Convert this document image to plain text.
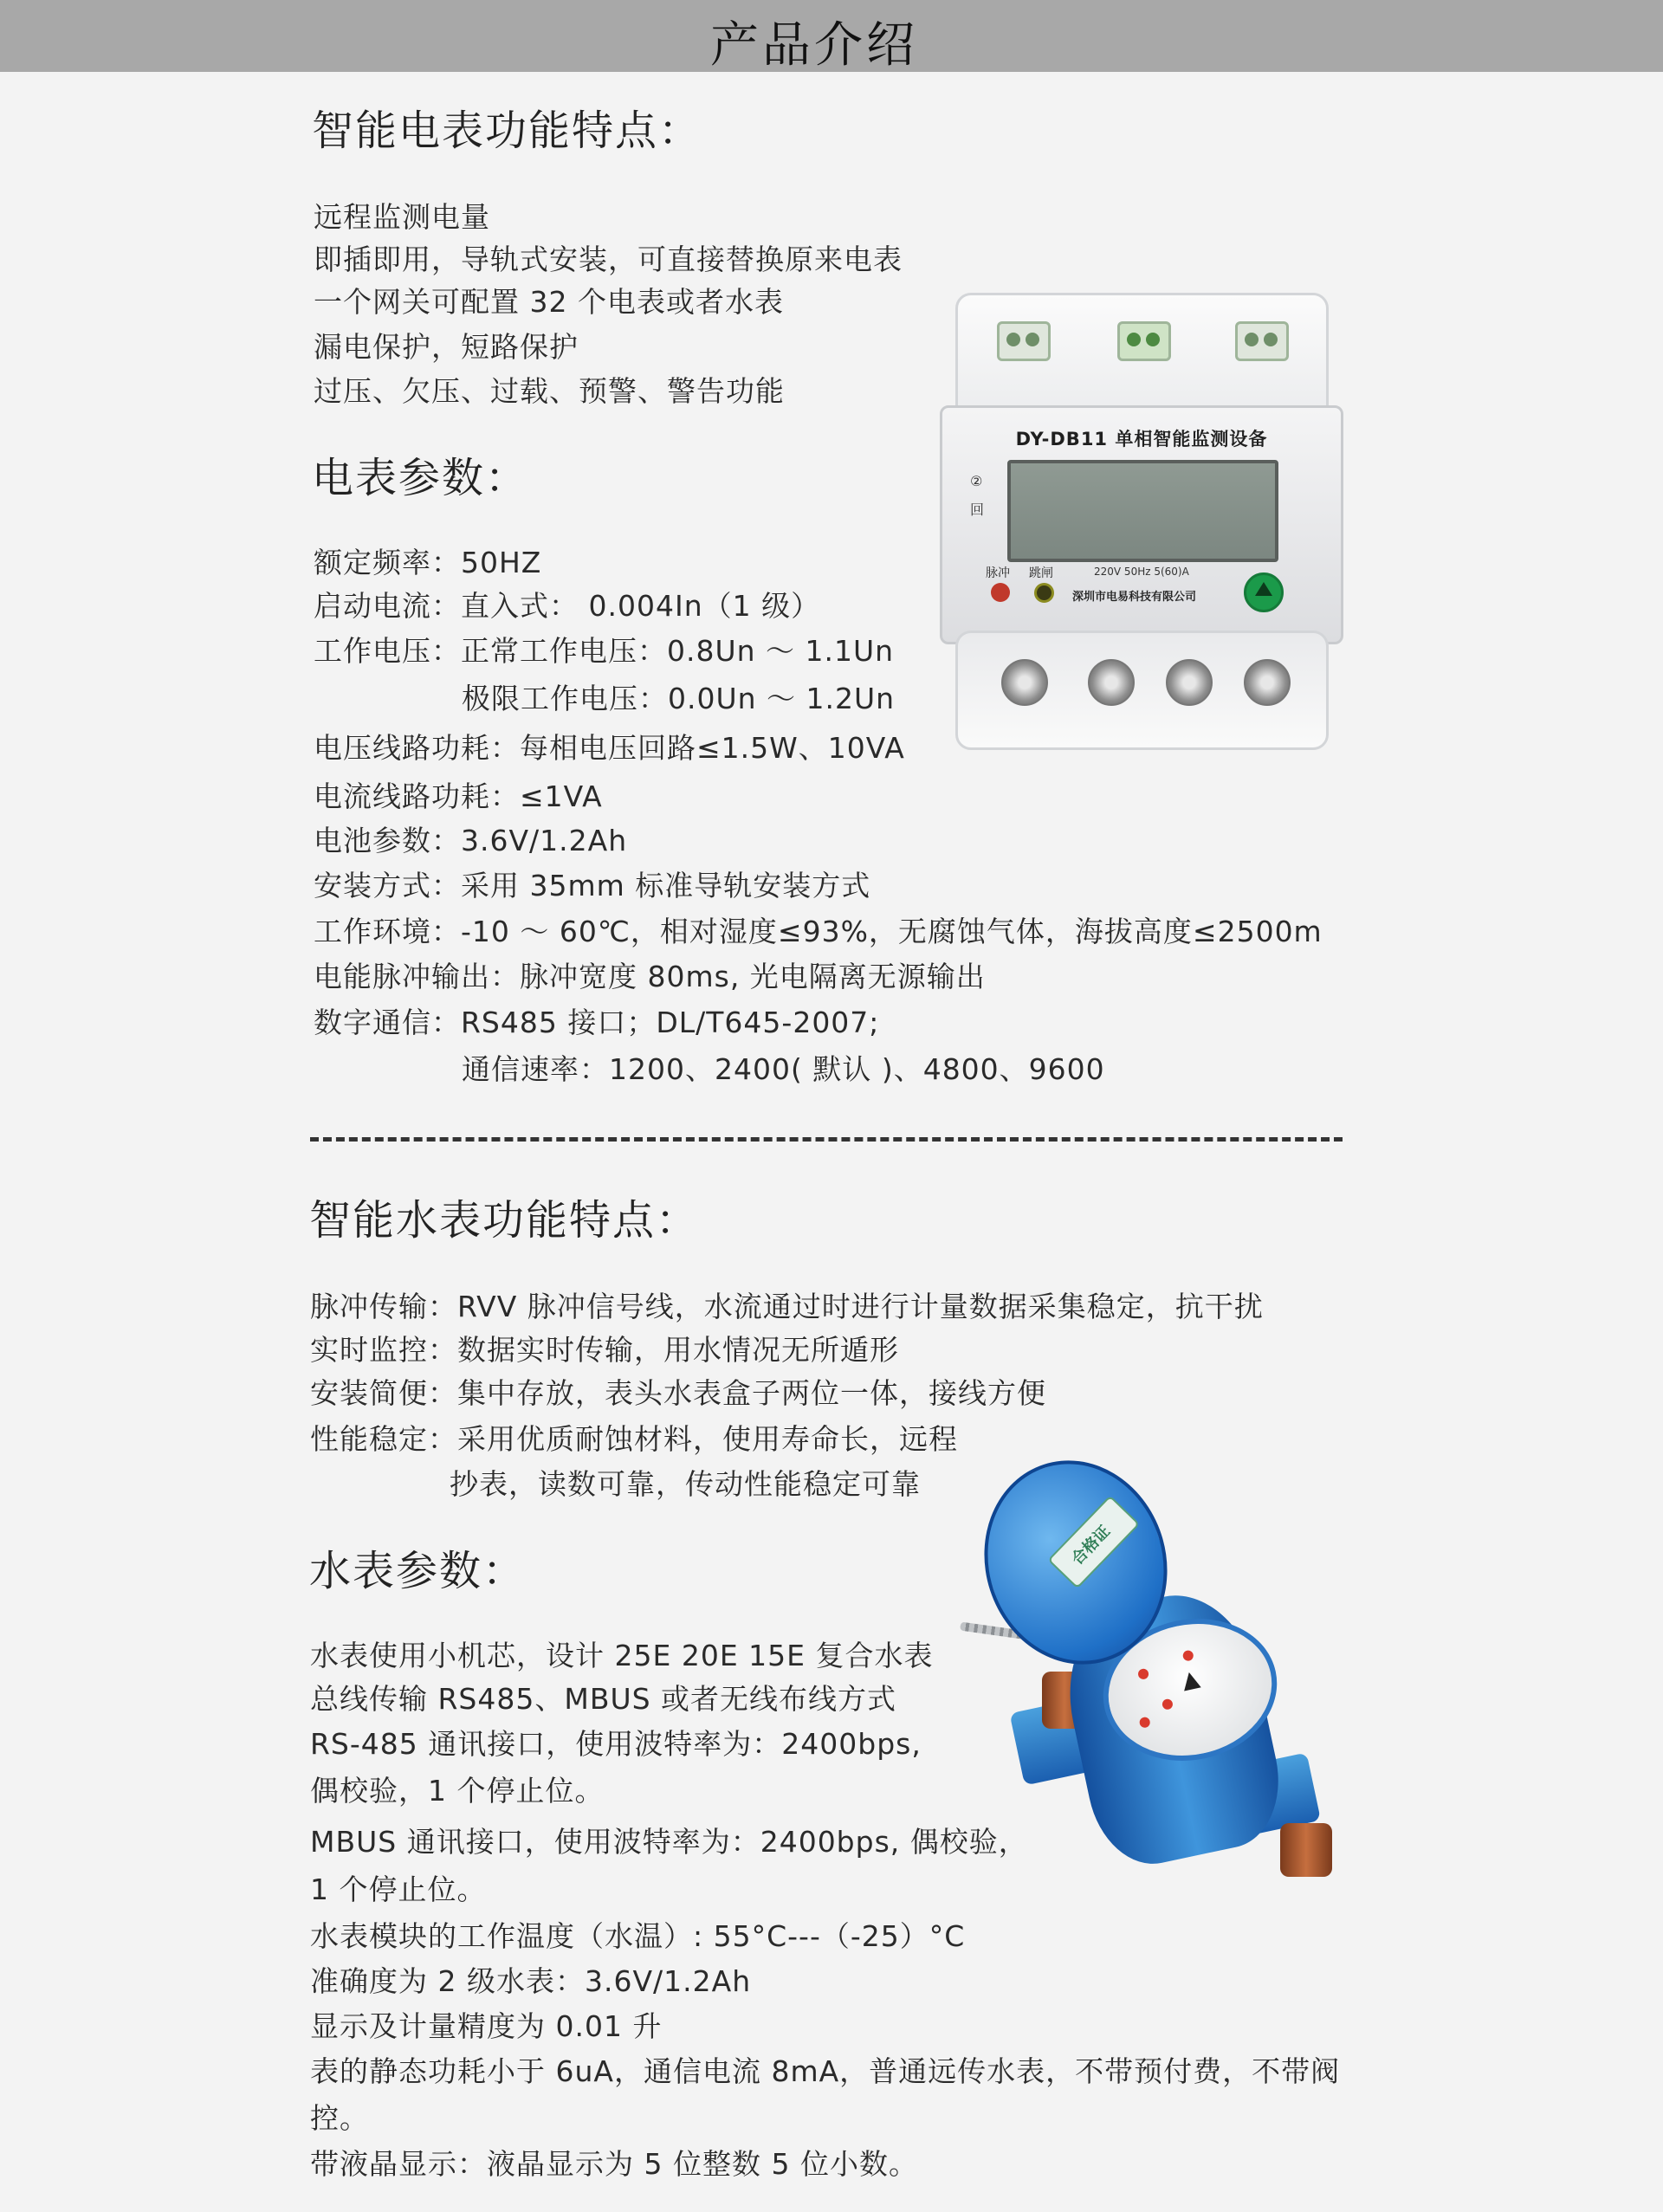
产品介绍
智能电表功能特点：
远程监测电量
即插即用，导轨式安装，可直接替换原来电表
一个网关可配置 32 个电表或者水表
漏电保护，短路保护
过压、欠压、过载、预警、警告功能
电表参数：
额定频率：50HZ
启动电流：直入式： 0.004In（1 级）
工作电压：正常工作电压：0.8Un ～ 1.1Un
极限工作电压：0.0Un ～ 1.2Un
电压线路功耗：每相电压回路≤1.5W、10VA
电流线路功耗：≤1VA
电池参数：3.6V/1.2Ah
安装方式：采用 35mm 标准导轨安装方式
工作环境：-10 ～ 60℃，相对湿度≤93%，无腐蚀气体，海拔高度≤2500m
电能脉冲输出：脉冲宽度 80ms, 光电隔离无源输出
数字通信：RS485 接口；DL/T645-2007;
通信速率：1200、2400( 默认 )、4800、9600
DY-DB11 单相智能监测设备
②
回
脉冲 跳闸	220V 50Hz 5(60)A
深圳市电易科技有限公司
智能水表功能特点：
脉冲传输：RVV 脉冲信号线，水流通过时进行计量数据采集稳定，抗干扰
实时监控：数据实时传输，用水情况无所遁形
安装简便：集中存放，表头水表盒子两位一体，接线方便
性能稳定：采用优质耐蚀材料，使用寿命长，远程
抄表，读数可靠，传动性能稳定可靠
水表参数：
水表使用小机芯，设计 25E 20E 15E 复合水表
总线传输 RS485、MBUS 或者无线布线方式
RS-485 通讯接口，使用波特率为：2400bps,
偶校验，1 个停止位。
MBUS 通讯接口，使用波特率为：2400bps, 偶校验，
1 个停止位。
水表模块的工作温度（水温）: 55°C---（-25）°C
准确度为 2 级水表：3.6V/1.2Ah
显示及计量精度为 0.01 升
表的静态功耗小于 6uA，通信电流 8mA，普通远传水表，不带预付费，不带阀
控。
带液晶显示：液晶显示为 5 位整数 5 位小数。
合格证
